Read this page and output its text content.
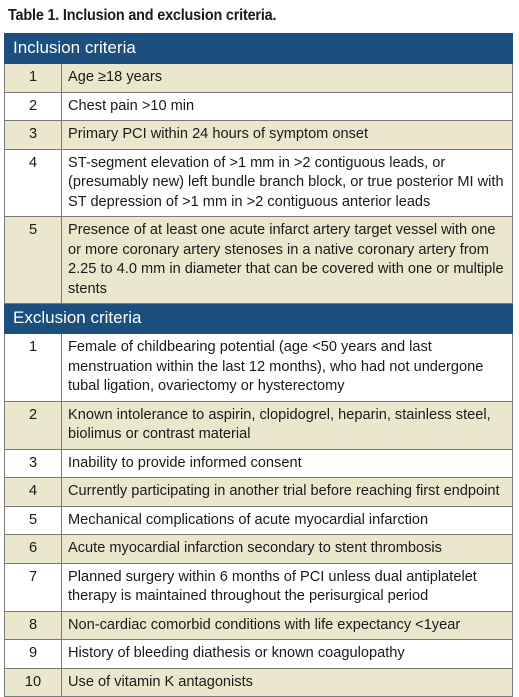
Table 1. Inclusion and exclusion criteria.
Inclusion criteria	
1	Age ≥18 years
2	Chest pain >10 min
3	Primary PCI within 24 hours of symptom onset
4	ST-segment elevation of >1 mm in >2 contiguous leads, or (presumably new) left bundle branch block, or true posterior MI with ST depression of >1 mm in >2 contiguous anterior leads
5	Presence of at least one acute infarct artery target vessel with one or more coronary artery stenoses in a native coronary artery from 2.25 to 4.0 mm in diameter that can be covered with one or multiple stents
Exclusion criteria	
1	Female of childbearing potential (age <50 years and last menstruation within the last 12 months), who had not undergone tubal ligation, ovariectomy or hysterectomy
2	Known intolerance to aspirin, clopidogrel, heparin, stainless steel, biolimus or contrast material
3	Inability to provide informed consent
4	Currently participating in another trial before reaching first endpoint
5	Mechanical complications of acute myocardial infarction
6	Acute myocardial infarction secondary to stent thrombosis
7	Planned surgery within 6 months of PCI unless dual antiplatelet therapy is maintained throughout the perisurgical period
8	Non-cardiac comorbid conditions with life expectancy <1year
9	History of bleeding diathesis or known coagulopathy
10	Use of vitamin K antagonists
